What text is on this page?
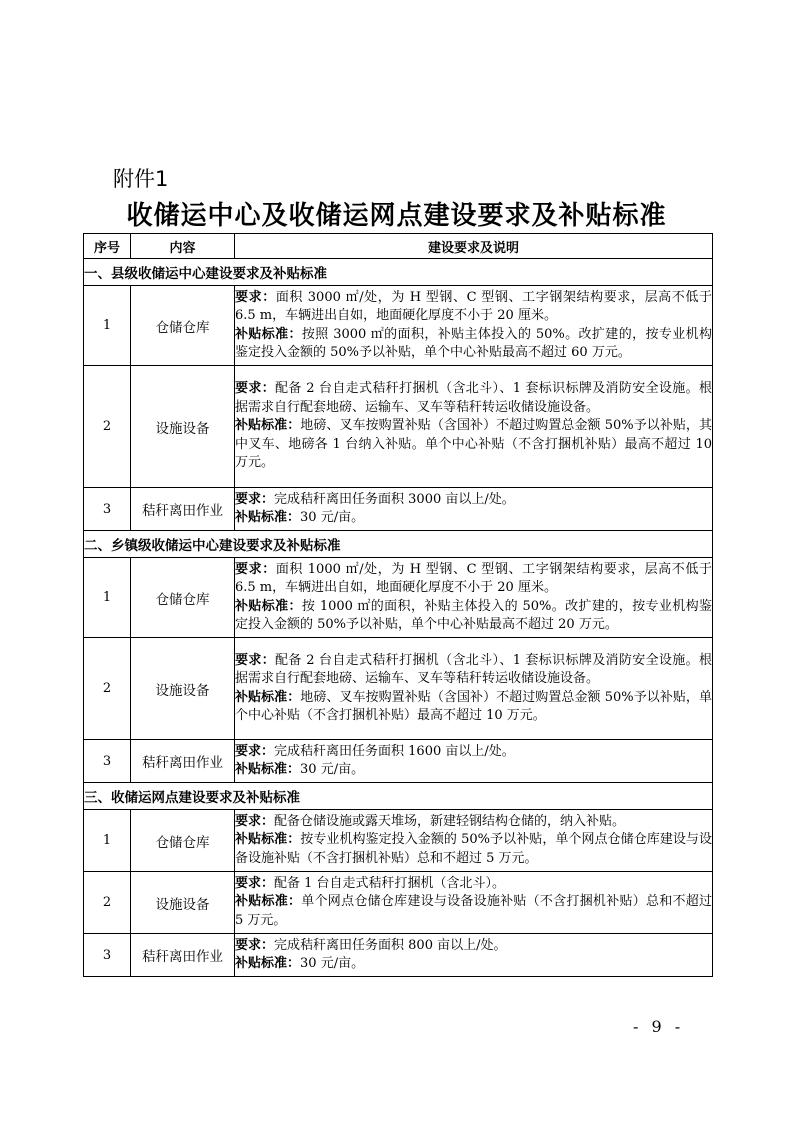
附件1
收储运中心及收储运网点建设要求及补贴标准
序号	内容	建设要求及说明
一、县级收储运中心建设要求及补贴标准		
1	仓储仓库	要求：面积 3000 ㎡/处，为 H 型钢、C 型钢、工字钢架结构要求，层高不低于 6.5 m，车辆进出自如，地面硬化厚度不小于 20 厘米。
补贴标准：按照 3000 ㎡的面积，补贴主体投入的 50%。改扩建的，按专业机构鉴定投入金额的 50%予以补贴，单个中心补贴最高不超过 60 万元。
2	设施设备	要求：配备 2 台自走式秸秆打捆机（含北斗）、1 套标识标牌及消防安全设施。根据需求自行配套地磅、运输车、叉车等秸秆转运收储设施设备。
补贴标准：地磅、叉车按购置补贴（含国补）不超过购置总金额 50%予以补贴，其中叉车、地磅各 1 台纳入补贴。单个中心补贴（不含打捆机补贴）最高不超过 10 万元。
3	秸秆离田作业	要求：完成秸秆离田任务面积 3000 亩以上/处。
补贴标准：30 元/亩。
二、乡镇级收储运中心建设要求及补贴标准		
1	仓储仓库	要求：面积 1000 ㎡/处，为 H 型钢、C 型钢、工字钢架结构要求，层高不低于 6.5 m，车辆进出自如，地面硬化厚度不小于 20 厘米。
补贴标准：按 1000 ㎡的面积，补贴主体投入的 50%。改扩建的，按专业机构鉴定投入金额的 50%予以补贴，单个中心补贴最高不超过 20 万元。
2	设施设备	要求：配备 2 台自走式秸秆打捆机（含北斗）、1 套标识标牌及消防安全设施。根据需求自行配套地磅、运输车、叉车等秸秆转运收储设施设备。
补贴标准：地磅、叉车按购置补贴（含国补）不超过购置总金额 50%予以补贴，单个中心补贴（不含打捆机补贴）最高不超过 10 万元。
3	秸秆离田作业	要求：完成秸秆离田任务面积 1600 亩以上/处。
补贴标准：30 元/亩。
三、收储运网点建设要求及补贴标准		
1	仓储仓库	要求：配备仓储设施或露天堆场，新建轻钢结构仓储的，纳入补贴。
补贴标准：按专业机构鉴定投入金额的 50%予以补贴，单个网点仓储仓库建设与设备设施补贴（不含打捆机补贴）总和不超过 5 万元。
2	设施设备	要求：配备 1 台自走式秸秆打捆机（含北斗）。
补贴标准：单个网点仓储仓库建设与设备设施补贴（不含打捆机补贴）总和不超过 5 万元。
3	秸秆离田作业	要求：完成秸秆离田任务面积 800 亩以上/处。
补贴标准：30 元/亩。
- 9 -
